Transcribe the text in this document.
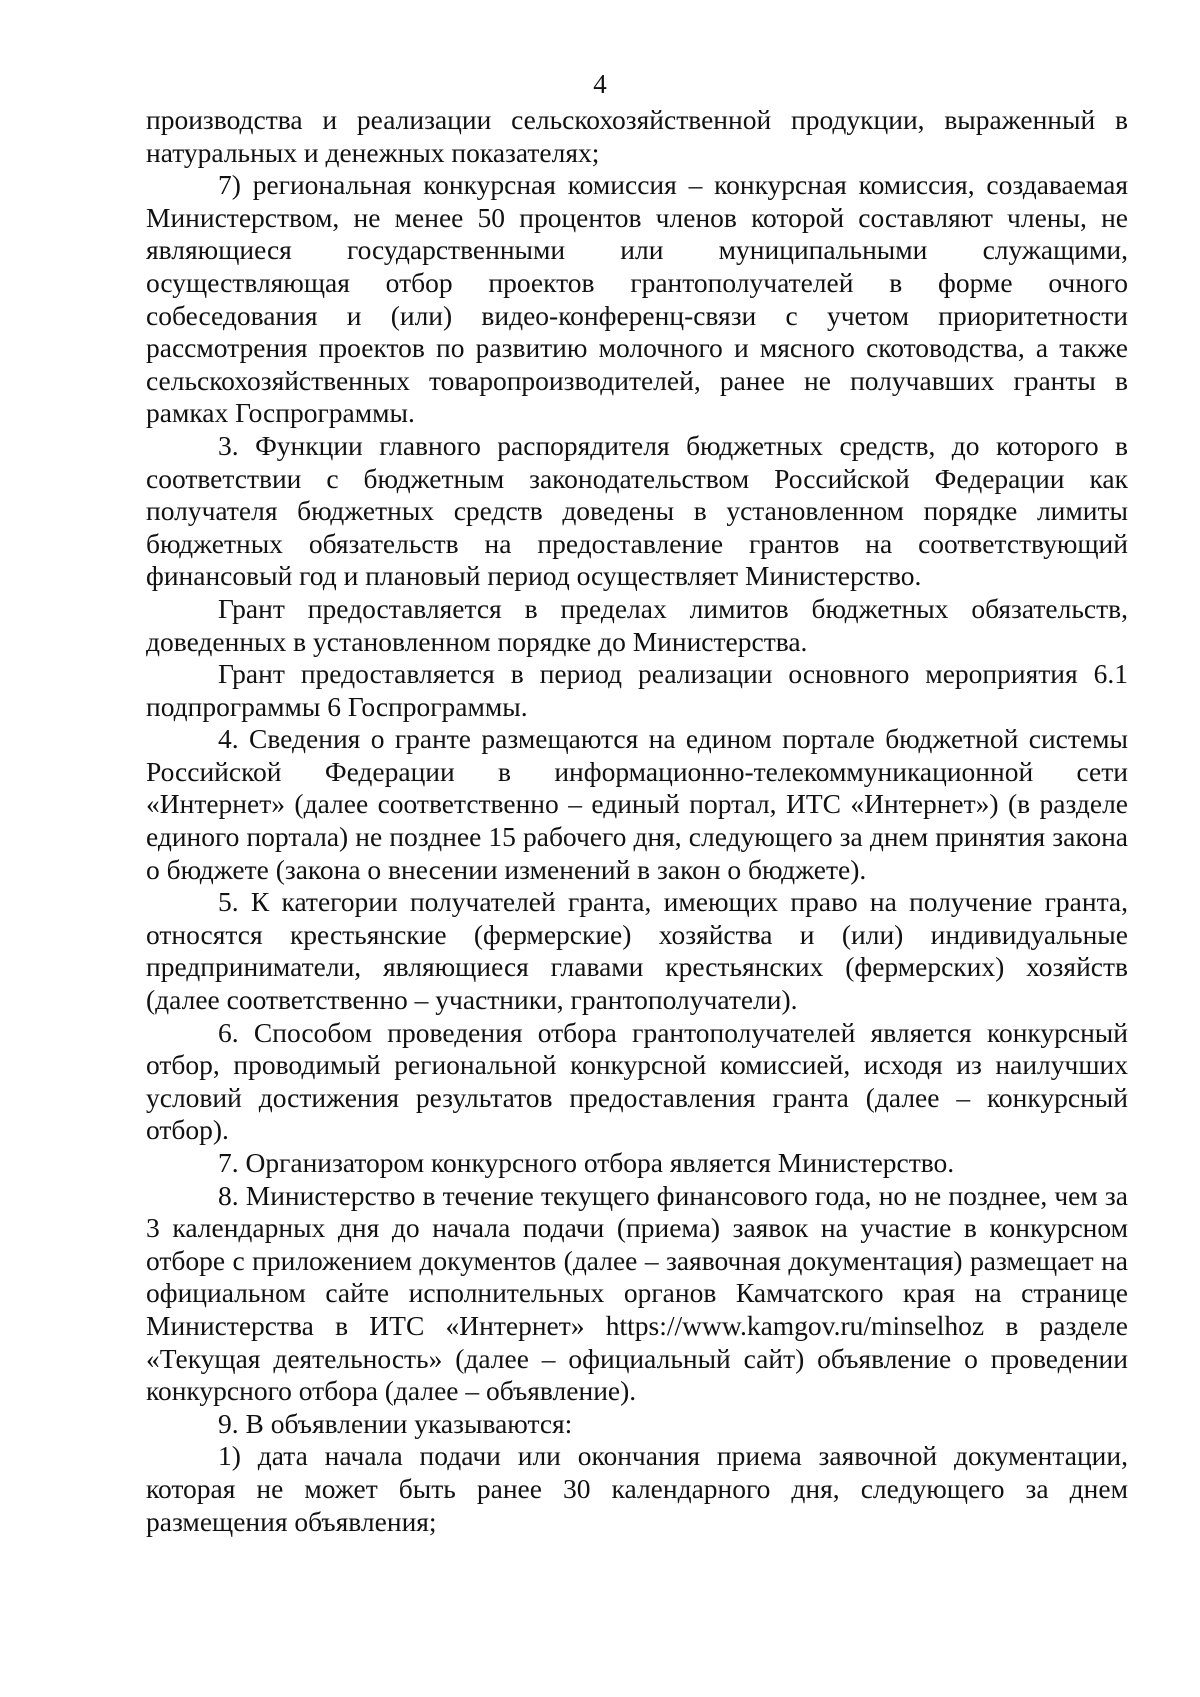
4

производства и реализации сельскохозяйственной продукции, выраженный в натуральных и денежных показателях;

7) региональная конкурсная комиссия – конкурсная комиссия, создаваемая Министерством, не менее 50 процентов членов которой составляют члены, не являющиеся государственными или муниципальными служащими, осуществляющая отбор проектов грантополучателей в форме очного собеседования и (или) видео-конференц-связи с учетом приоритетности рассмотрения проектов по развитию молочного и мясного скотоводства, а также сельскохозяйственных товаропроизводителей, ранее не получавших гранты в рамках Госпрограммы.

3. Функции главного распорядителя бюджетных средств, до которого в соответствии с бюджетным законодательством Российской Федерации как получателя бюджетных средств доведены в установленном порядке лимиты бюджетных обязательств на предоставление грантов на соответствующий финансовый год и плановый период осуществляет Министерство.

Грант предоставляется в пределах лимитов бюджетных обязательств, доведенных в установленном порядке до Министерства.

Грант предоставляется в период реализации основного мероприятия 6.1 подпрограммы 6 Госпрограммы.

4. Сведения о гранте размещаются на едином портале бюджетной системы Российской Федерации в информационно-телекоммуникационной сети «Интернет» (далее соответственно – единый портал, ИТС «Интернет») (в разделе единого портала) не позднее 15 рабочего дня, следующего за днем принятия закона о бюджете (закона о внесении изменений в закон о бюджете).

5. К категории получателей гранта, имеющих право на получение гранта, относятся крестьянские (фермерские) хозяйства и (или) индивидуальные предприниматели, являющиеся главами крестьянских (фермерских) хозяйств (далее соответственно – участники, грантополучатели).

6. Способом проведения отбора грантополучателей является конкурсный отбор, проводимый региональной конкурсной комиссией, исходя из наилучших условий достижения результатов предоставления гранта (далее – конкурсный отбор).

7. Организатором конкурсного отбора является Министерство.

8. Министерство в течение текущего финансового года, но не позднее, чем за 3 календарных дня до начала подачи (приема) заявок на участие в конкурсном отборе с приложением документов (далее – заявочная документация) размещает на официальном сайте исполнительных органов Камчатского края на странице Министерства в ИТС «Интернет» https://www.kamgov.ru/minselhoz в разделе «Текущая деятельность» (далее – официальный сайт) объявление о проведении конкурсного отбора (далее – объявление).

9. В объявлении указываются:

1) дата начала подачи или окончания приема заявочной документации, которая не может быть ранее 30 календарного дня, следующего за днем размещения объявления;
